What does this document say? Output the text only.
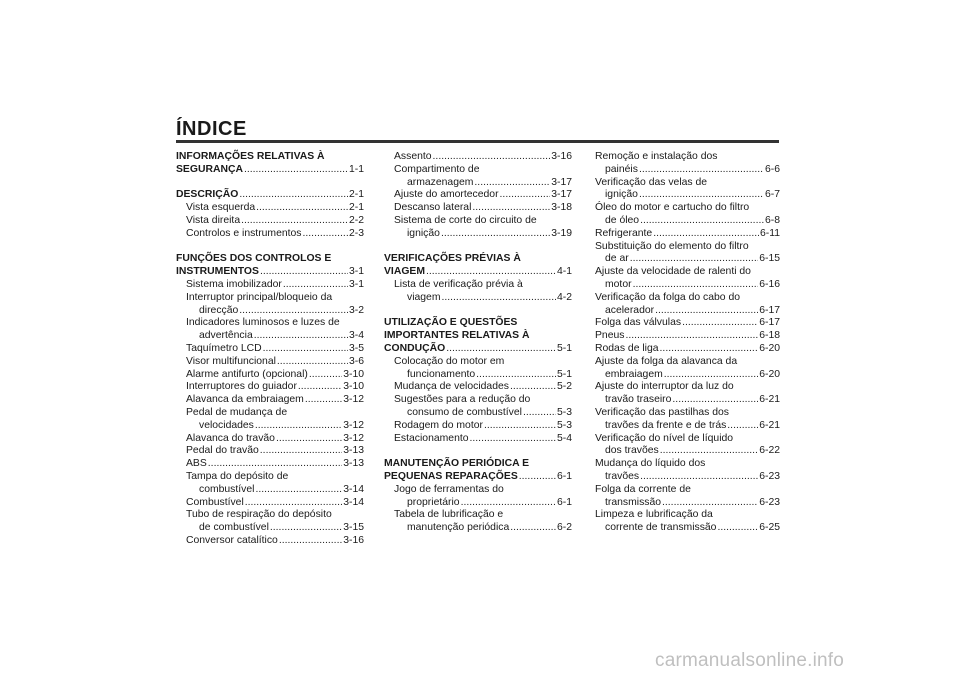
ÍNDICE
INFORMAÇÕES RELATIVAS À
SEGURANÇA .....	1-1
DESCRIÇÃO .....	2-1
Vista esquerda .....	2-1
Vista direita .....	2-2
Controlos e instrumentos .....	2-3
FUNÇÕES DOS CONTROLOS E
INSTRUMENTOS .....	3-1
Sistema imobilizador .....	3-1
Interruptor principal/bloqueio da
direcção .....	3-2
Indicadores luminosos e luzes de
advertência .....	3-4
Taquímetro LCD .....	3-5
Visor multifuncional .....	3-6
Alarme antifurto (opcional) .....	3-10
Interruptores do guiador .....	3-10
Alavanca da embraiagem .....	3-12
Pedal de mudança de
velocidades .....	3-12
Alavanca do travão .....	3-12
Pedal do travão .....	3-13
ABS .....	3-13
Tampa do depósito de
combustível .....	3-14
Combustível .....	3-14
Tubo de respiração do depósito
de combustível .....	3-15
Conversor catalítico .....	3-16
Assento .....	3-16
Compartimento de
armazenagem .....	3-17
Ajuste do amortecedor .....	3-17
Descanso lateral .....	3-18
Sistema de corte do circuito de
ignição .....	3-19
VERIFICAÇÕES PRÉVIAS À
VIAGEM .....	4-1
Lista de verificação prévia à
viagem .....	4-2
UTILIZAÇÃO E QUESTÕES
IMPORTANTES RELATIVAS À
CONDUÇÃO .....	5-1
Colocação do motor em
funcionamento .....	5-1
Mudança de velocidades .....	5-2
Sugestões para a redução do
consumo de combustível .....	5-3
Rodagem do motor .....	5-3
Estacionamento .....	5-4
MANUTENÇÃO PERIÓDICA E
PEQUENAS REPARAÇÕES .....	6-1
Jogo de ferramentas do
proprietário .....	6-1
Tabela de lubrificação e
manutenção periódica .....	6-2
Remoção e instalação dos
painéis .....	6-6
Verificação das velas de
ignição .....	6-7
Óleo do motor e cartucho do filtro
de óleo .....	6-8
Refrigerante .....	6-11
Substituição do elemento do filtro
de ar .....	6-15
Ajuste da velocidade de ralenti do
motor .....	6-16
Verificação da folga do cabo do
acelerador .....	6-17
Folga das válvulas .....	6-17
Pneus .....	6-18
Rodas de liga .....	6-20
Ajuste da folga da alavanca da
embraiagem .....	6-20
Ajuste do interruptor da luz do
travão traseiro .....	6-21
Verificação das pastilhas dos
travões da frente e de trás .....	6-21
Verificação do nível de líquido
dos travões .....	6-22
Mudança do líquido dos
travões .....	6-23
Folga da corrente de
transmissão .....	6-23
Limpeza e lubrificação da
corrente de transmissão .....	6-25
carmanualsonline.info
